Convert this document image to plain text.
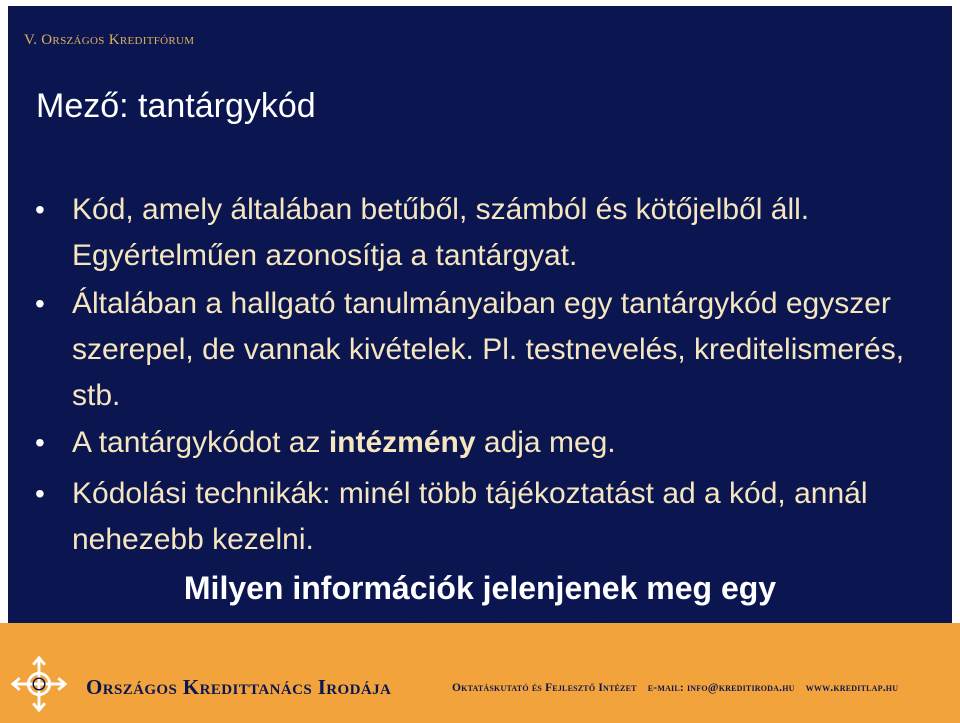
V. Országos Kreditfórum
Mező: tantárgykód
• Kód, amely általában betűből, számból és kötőjelből áll. Egyértelműen azonosítja a tantárgyat.
• Általában a hallgató tanulmányaiban egy tantárgykód egyszer szerepel, de vannak kivételek. Pl. testnevelés, kreditelismerés, stb.
• A tantárgykódot az intézmény adja meg.
• Kódolási technikák: minél több tájékoztatást ad a kód, annál nehezebb kezelni.
Milyen információk jelenjenek meg egy
Országos Kredittanács Irodája	Oktatáskutató és Fejlesztő Intézet e-mail: info@kreditiroda.hu www.kreditlap.hu
